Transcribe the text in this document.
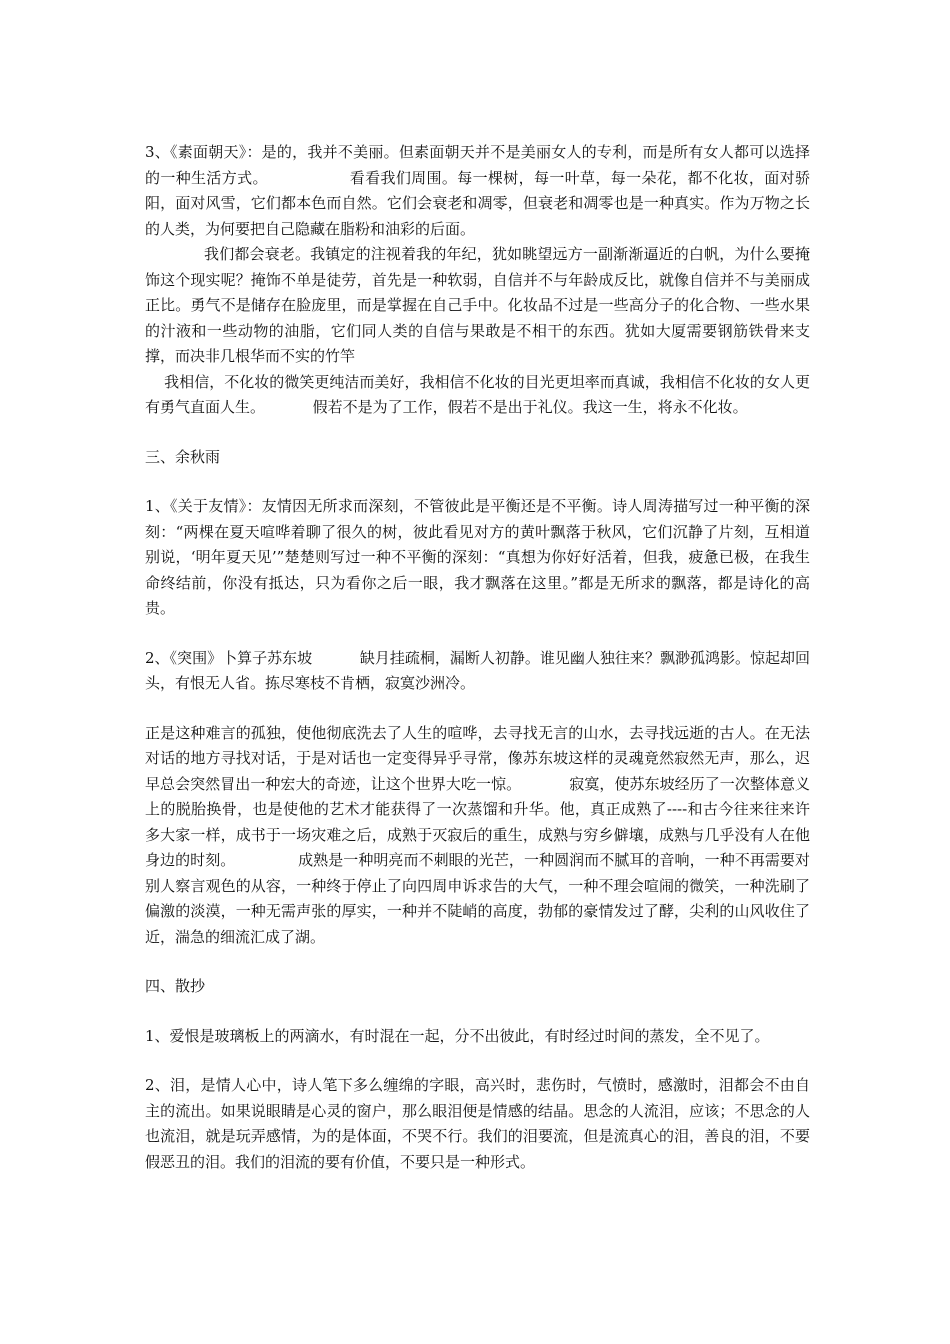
3、《素面朝天》：是的，我并不美丽。但素面朝天并不是美丽女人的专利，而是所有女人都可以选择的一种生活方式。                看看我们周围。每一棵树，每一叶草，每一朵花，都不化妆，面对骄阳，面对风雪，它们都本色而自然。它们会衰老和凋零，但衰老和凋零也是一种真实。作为万物之长的人类，为何要把自己隐藏在脂粉和油彩的后面。

我们都会衰老。我镇定的注视着我的年纪，犹如眺望远方一副渐渐逼近的白帆，为什么要掩饰这个现实呢？掩饰不单是徒劳，首先是一种软弱，自信并不与年龄成反比，就像自信并不与美丽成正比。勇气不是储存在脸庞里，而是掌握在自己手中。化妆品不过是一些高分子的化合物、一些水果的汁液和一些动物的油脂，它们同人类的自信与果敢是不相干的东西。犹如大厦需要钢筋铁骨来支撑，而决非几根华而不实的竹竿

我相信，不化妆的微笑更纯洁而美好，我相信不化妆的目光更坦率而真诚，我相信不化妆的女人更有勇气直面人生。          假若不是为了工作，假若不是出于礼仪。我这一生，将永不化妆。

三、余秋雨

1、《关于友情》：友情因无所求而深刻，不管彼此是平衡还是不平衡。诗人周涛描写过一种平衡的深刻：“两棵在夏天喧哗着聊了很久的树，彼此看见对方的黄叶飘落于秋风，它们沉静了片刻，互相道别说，‘明年夏天见’”楚楚则写过一种不平衡的深刻：“真想为你好好活着，但我，疲惫已极，在我生命终结前，你没有抵达，只为看你之后一眼，我才飘落在这里。”都是无所求的飘落，都是诗化的高贵。

2、《突围》卜算子苏东坡          缺月挂疏桐，漏断人初静。谁见幽人独往来？飘渺孤鸿影。惊起却回头，有恨无人省。拣尽寒枝不肯栖，寂寞沙洲冷。

正是这种难言的孤独，使他彻底洗去了人生的喧哗，去寻找无言的山水，去寻找远逝的古人。在无法对话的地方寻找对话，于是对话也一定变得异乎寻常，像苏东坡这样的灵魂竟然寂然无声，那么，迟早总会突然冒出一种宏大的奇迹，让这个世界大吃一惊。          寂寞，使苏东坡经历了一次整体意义上的脱胎换骨，也是使他的艺术才能获得了一次蒸馏和升华。他，真正成熟了----和古今往来往来许多大家一样，成书于一场灾难之后，成熟于灭寂后的重生，成熟与穷乡僻壤，成熟与几乎没有人在他身边的时刻。             成熟是一种明亮而不刺眼的光芒，一种圆润而不腻耳的音响，一种不再需要对别人察言观色的从容，一种终于停止了向四周申诉求告的大气，一种不理会喧闹的微笑，一种洗刷了偏激的淡漠，一种无需声张的厚实，一种并不陡峭的高度，勃郁的豪情发过了酵，尖利的山风收住了近，湍急的细流汇成了湖。

四、散抄

1、爱恨是玻璃板上的两滴水，有时混在一起，分不出彼此，有时经过时间的蒸发，全不见了。

2、泪，是情人心中，诗人笔下多么缠绵的字眼，高兴时，悲伤时，气愤时，感激时，泪都会不由自主的流出。如果说眼睛是心灵的窗户，那么眼泪便是情感的结晶。思念的人流泪，应该；不思念的人也流泪，就是玩弄感情，为的是体面，不哭不行。我们的泪要流，但是流真心的泪，善良的泪，不要假恶丑的泪。我们的泪流的要有价值，不要只是一种形式。
